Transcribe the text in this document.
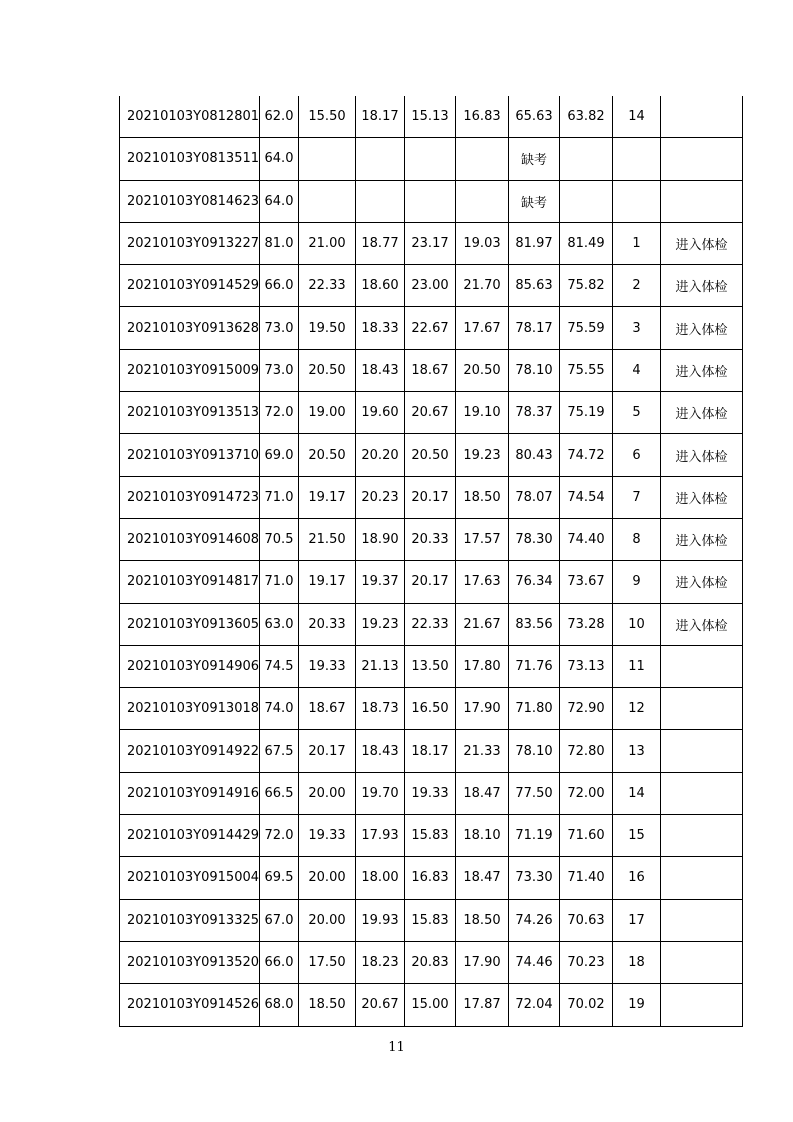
20210103Y0812801	62.0	15.50	18.17	15.13	16.83	65.63	63.82	14	
20210103Y0813511	64.0					缺考			
20210103Y0814623	64.0					缺考			
20210103Y0913227	81.0	21.00	18.77	23.17	19.03	81.97	81.49	1	进入体检
20210103Y0914529	66.0	22.33	18.60	23.00	21.70	85.63	75.82	2	进入体检
20210103Y0913628	73.0	19.50	18.33	22.67	17.67	78.17	75.59	3	进入体检
20210103Y0915009	73.0	20.50	18.43	18.67	20.50	78.10	75.55	4	进入体检
20210103Y0913513	72.0	19.00	19.60	20.67	19.10	78.37	75.19	5	进入体检
20210103Y0913710	69.0	20.50	20.20	20.50	19.23	80.43	74.72	6	进入体检
20210103Y0914723	71.0	19.17	20.23	20.17	18.50	78.07	74.54	7	进入体检
20210103Y0914608	70.5	21.50	18.90	20.33	17.57	78.30	74.40	8	进入体检
20210103Y0914817	71.0	19.17	19.37	20.17	17.63	76.34	73.67	9	进入体检
20210103Y0913605	63.0	20.33	19.23	22.33	21.67	83.56	73.28	10	进入体检
20210103Y0914906	74.5	19.33	21.13	13.50	17.80	71.76	73.13	11	
20210103Y0913018	74.0	18.67	18.73	16.50	17.90	71.80	72.90	12	
20210103Y0914922	67.5	20.17	18.43	18.17	21.33	78.10	72.80	13	
20210103Y0914916	66.5	20.00	19.70	19.33	18.47	77.50	72.00	14	
20210103Y0914429	72.0	19.33	17.93	15.83	18.10	71.19	71.60	15	
20210103Y0915004	69.5	20.00	18.00	16.83	18.47	73.30	71.40	16	
20210103Y0913325	67.0	20.00	19.93	15.83	18.50	74.26	70.63	17	
20210103Y0913520	66.0	17.50	18.23	20.83	17.90	74.46	70.23	18	
20210103Y0914526	68.0	18.50	20.67	15.00	17.87	72.04	70.02	19	
11
